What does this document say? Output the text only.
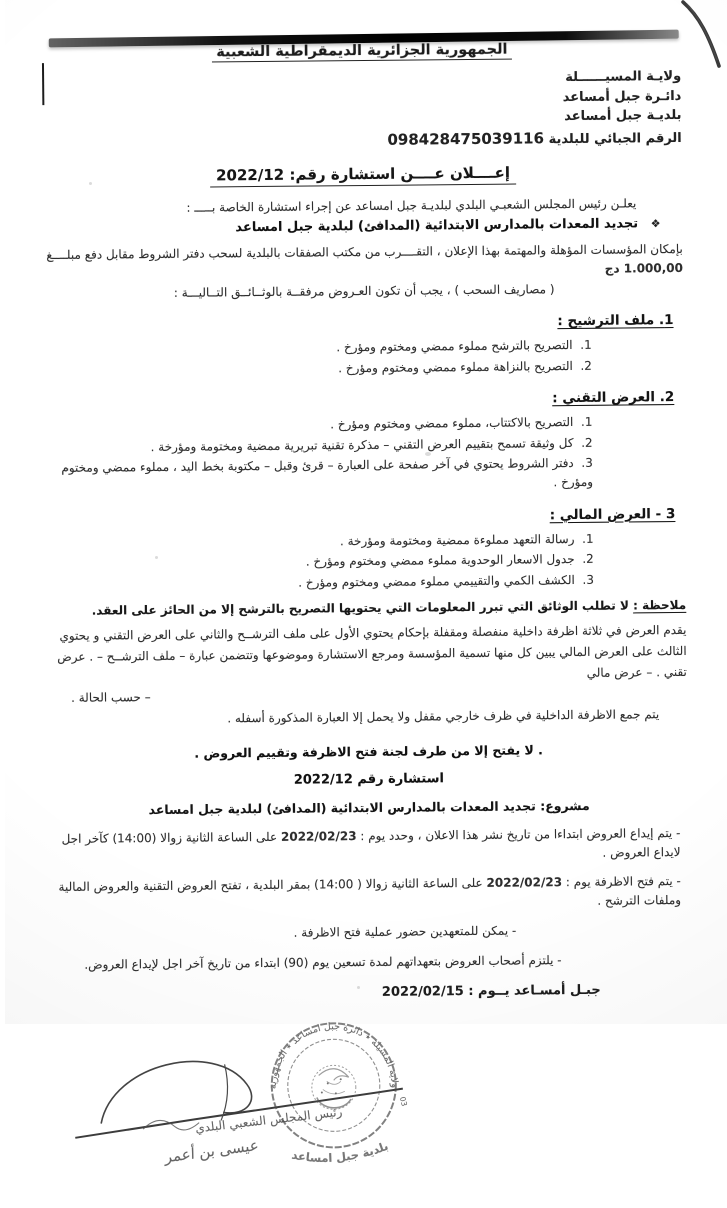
الجمهورية الجزائرية الديمقراطية الشعبية
ولايـة المسيــــــلة
دائـرة جبل أمساعد
بلديـة جبل أمساعد
الرقم الجبائي للبلدية 098428475039116
إعــــلان عــــن استشارة رقم: 2022/12
يعلـن رئيس المجلس الشعبـي البلدي لبلديـة جبل امساعد عن إجراء استشارة الخاصة بـــــ :
❖ تجديد المعدات بالمدارس الابتدائية (المدافئ) لبلدية جبل امساعد
بإمكان المؤسسات المؤهلة والمهتمة بهذا الإعلان ، التقــــرب من مكتب الصفقات بالبلدية لسحب دفتر الشروط مقابل دفع مبلــــغ 1.000,00 دج
( مصاريف السحب ) ، يجب أن تكون العـروض مرفقــة بالوثــائــق التــاليـــة :
1. ملف الترشيح :
التصريح بالترشح مملوء ممضي ومختوم ومؤرخ .
التصريح بالنزاهة مملوء ممضي ومختوم ومؤرخ .
2. العرض التقني :
التصريح بالاكتتاب، مملوء ممضي ومختوم ومؤرخ .
كل وثيقة تسمح بتقييم العرض التقني – مذكرة تقنية تبريرية ممضية ومختومة ومؤرخة .
دفتر الشروط يحتوي في آخر صفحة على العبارة – قرئ وقبل – مكتوبة بخط اليد ، مملوء ممضي ومختوم ومؤرخ .
3 - العرض المالي :
رسالة التعهد مملوءة ممضية ومختومة ومؤرخة .
جدول الاسعار الوحدوية مملوء ممضي ومختوم ومؤرخ .
الكشف الكمي والتقييمي مملوء ممضي ومختوم ومؤرخ .
ملاحظة : لا تطلب الوثائق التي تبرر المعلومات التي يحتويها التصريح بالترشح إلا من الحائز على العقد.
يقدم العرض في ثلاثة اظرفة داخلية منفصلة ومقفلة بإحكام يحتوي الأول على ملف الترشــح والثاني على العرض التقني و يحتوي الثالث على العرض المالي يبين كل منها تسمية المؤسسة ومرجع الاستشارة وموضوعها وتتضمن عبارة – ملف الترشــح – . عرض تقني . – عرض مالي
– حسب الحالة .
يتم جمع الاظرفة الداخلية في ظرف خارجي مقفل ولا يحمل إلا العبارة المذكورة أسفله .
. لا يفتح إلا من طرف لجنة فتح الاظرفة وتقييم العروض .
استشارة رقم 2022/12
مشروع: تجديد المعدات بالمدارس الابتدائية (المدافئ) لبلدية جبل امساعد
- يتم إيداع العروض ابتداءا من تاريخ نشر هذا الاعلان ، وحدد يوم : 2022/02/23 على الساعة الثانية زوالا (14:00) كآخر اجل لايداع العروض .
- يتم فتح الاظرفة يوم : 2022/02/23 على الساعة الثانية زوالا ( 14:00) بمقر البلدية ، تفتح العروض التقنية والعروض المالية وملفات الترشح .
- يمكن للمتعهدين حضور عملية فتح الاظرفة .
- يلتزم أصحاب العروض بتعهداتهم لمدة تسعين يوم (90) ابتداء من تاريخ آخر اجل لإيداع العروض.
جبـل أمسـاعد يــوم : 2022/02/15
رئيس المجلس الشعبي البلدي
عيسى بن أعمر
ولاية المسيلة ٭ دائرة جبل امساعد ٭ الجمهورية
03
بلدية جبل امساعد
